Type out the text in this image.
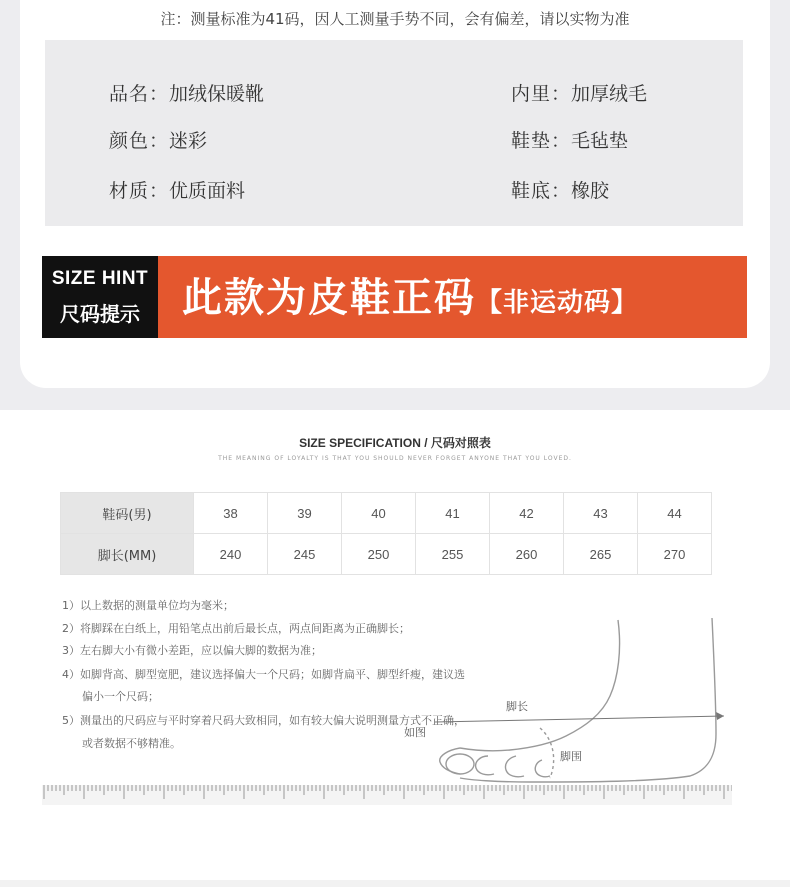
注：测量标准为41码，因人工测量手势不同，会有偏差，请以实物为准
品名：加绒保暖靴
颜色：迷彩
材质：优质面料
内里：加厚绒毛
鞋垫：毛毡垫
鞋底：橡胶
SIZE HINT
尺码提示	此款为皮鞋正码【非运动码】
SIZE SPECIFICATION / 尺码对照表
THE MEANING OF LOYALTY IS THAT YOU SHOULD NEVER FORGET ANYONE THAT YOU LOVED.
鞋码(男)	38	39	40	41	42	43	44
脚长(MM)	240	245	250	255	260	265	270
1）以上数据的测量单位均为毫米；
2）将脚踩在白纸上，用铅笔点出前后最长点，两点间距离为正确脚长；
3）左右脚大小有微小差距，应以偏大脚的数据为准；
4）如脚背高、脚型宽肥，建议选择偏大一个尺码；如脚背扁平、脚型纤瘦，建议选
偏小一个尺码；
5）测量出的尺码应与平时穿着尺码大致相同，如有较大偏大说明测量方式不正确，
或者数据不够精准。
脚长
如图
脚围
